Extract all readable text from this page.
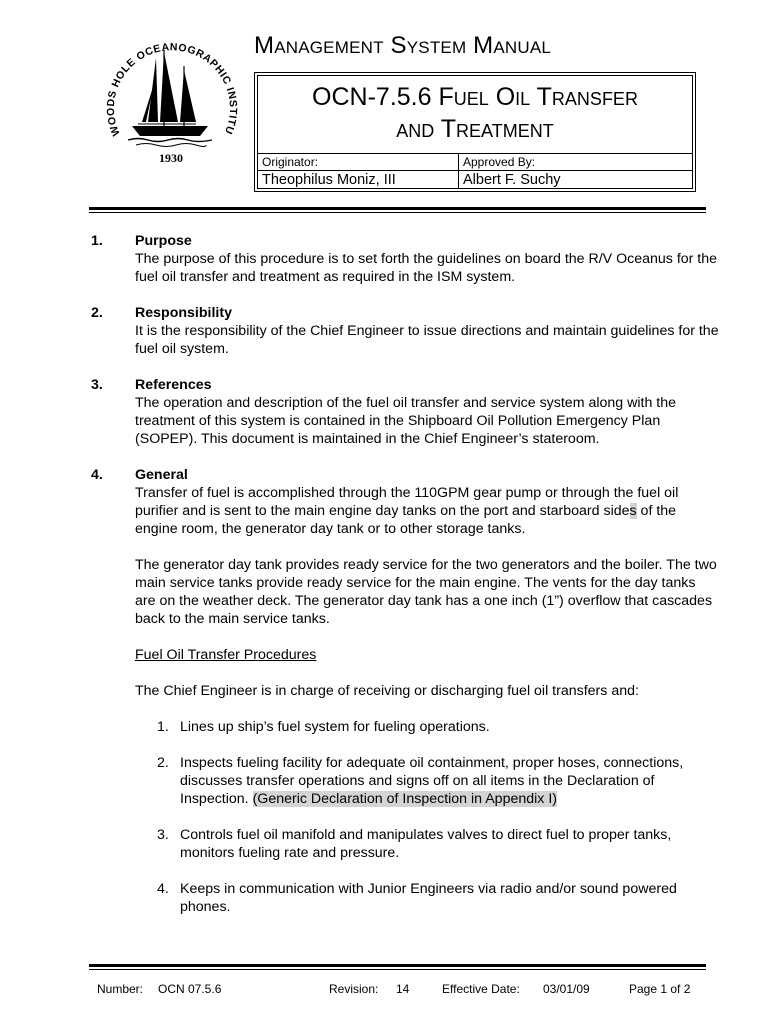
WOODS HOLE OCEANOGRAPHIC INSTITU
1930
Management System Manual
OCN-7.5.6 Fuel Oil Transfer
and Treatment
Originator:	Approved By:
Theophilus Moniz, III	Albert F. Suchy
1. Purpose
The purpose of this procedure is to set forth the guidelines on board the R/V Oceanus for the fuel oil transfer and treatment as required in the ISM system.
2. Responsibility
It is the responsibility of the Chief Engineer to issue directions and maintain guidelines for the fuel oil system.
3. References
The operation and description of the fuel oil transfer and service system along with the treatment of this system is contained in the Shipboard Oil Pollution Emergency Plan (SOPEP). This document is maintained in the Chief Engineer’s stateroom.
4. General
Transfer of fuel is accomplished through the 110GPM gear pump or through the fuel oil purifier and is sent to the main engine day tanks on the port and starboard sides of the engine room, the generator day tank or to other storage tanks.
The generator day tank provides ready service for the two generators and the boiler. The two main service tanks provide ready service for the main engine. The vents for the day tanks are on the weather deck. The generator day tank has a one inch (1”) overflow that cascades back to the main service tanks.
Fuel Oil Transfer Procedures
The Chief Engineer is in charge of receiving or discharging fuel oil transfers and:
1. Lines up ship’s fuel system for fueling operations.
2. Inspects fueling facility for adequate oil containment, proper hoses, connections, discusses transfer operations and signs off on all items in the Declaration of Inspection. (Generic Declaration of Inspection in Appendix I)
3. Controls fuel oil manifold and manipulates valves to direct fuel to proper tanks, monitors fueling rate and pressure.
4. Keeps in communication with Junior Engineers via radio and/or sound powered phones.
Number: OCN 07.5.6	Revision: 14	Effective Date: 03/01/09	Page 1 of 2
